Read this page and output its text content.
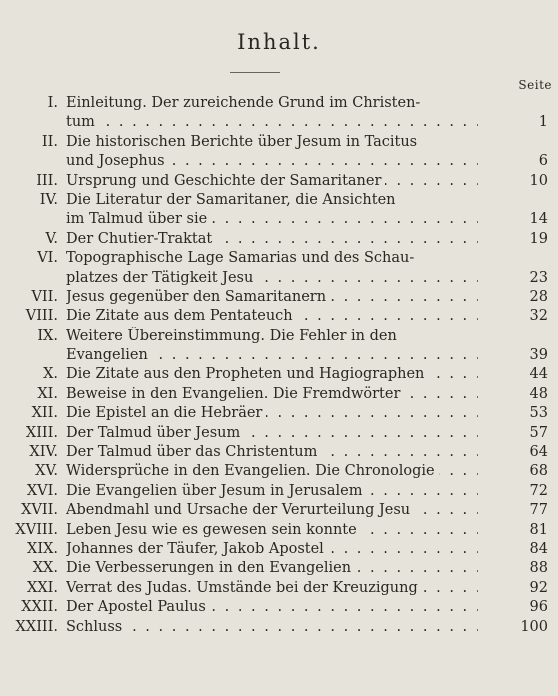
Inhalt.
Seite
I. Einleitung. Der zureichende Grund im Christen-
tum . . .	1
II. Die historischen Berichte über Jesum in Tacitus
und Josephus . . .	6
III. Ursprung und Geschichte der Samaritaner . . .	10
IV. Die Literatur der Samaritaner, die Ansichten
im Talmud über sie . . .	14
V. Der Chutier-Traktat . . .	19
VI. Topographische Lage Samarias und des Schau-
platzes der Tätigkeit Jesu . . .	23
VII. Jesus gegenüber den Samaritanern . . .	28
VIII. Die Zitate aus dem Pentateuch . . .	32
IX. Weitere Übereinstimmung. Die Fehler in den
Evangelien . . .	39
X. Die Zitate aus den Propheten und Hagiographen . . .	44
XI. Beweise in den Evangelien. Die Fremdwörter . . .	48
XII. Die Epistel an die Hebräer . . .	53
XIII. Der Talmud über Jesum . . .	57
XIV. Der Talmud über das Christentum . . .	64
XV. Widersprüche in den Evangelien. Die Chronologie . . .	68
XVI. Die Evangelien über Jesum in Jerusalem . . .	72
XVII. Abendmahl und Ursache der Verurteilung Jesu . . .	77
XVIII. Leben Jesu wie es gewesen sein konnte . . .	81
XIX. Johannes der Täufer, Jakob Apostel . . .	84
XX. Die Verbesserungen in den Evangelien . . .	88
XXI. Verrat des Judas. Umstände bei der Kreuzigung . . .	92
XXII. Der Apostel Paulus . . .	96
XXIII. Schluss . . .	100
